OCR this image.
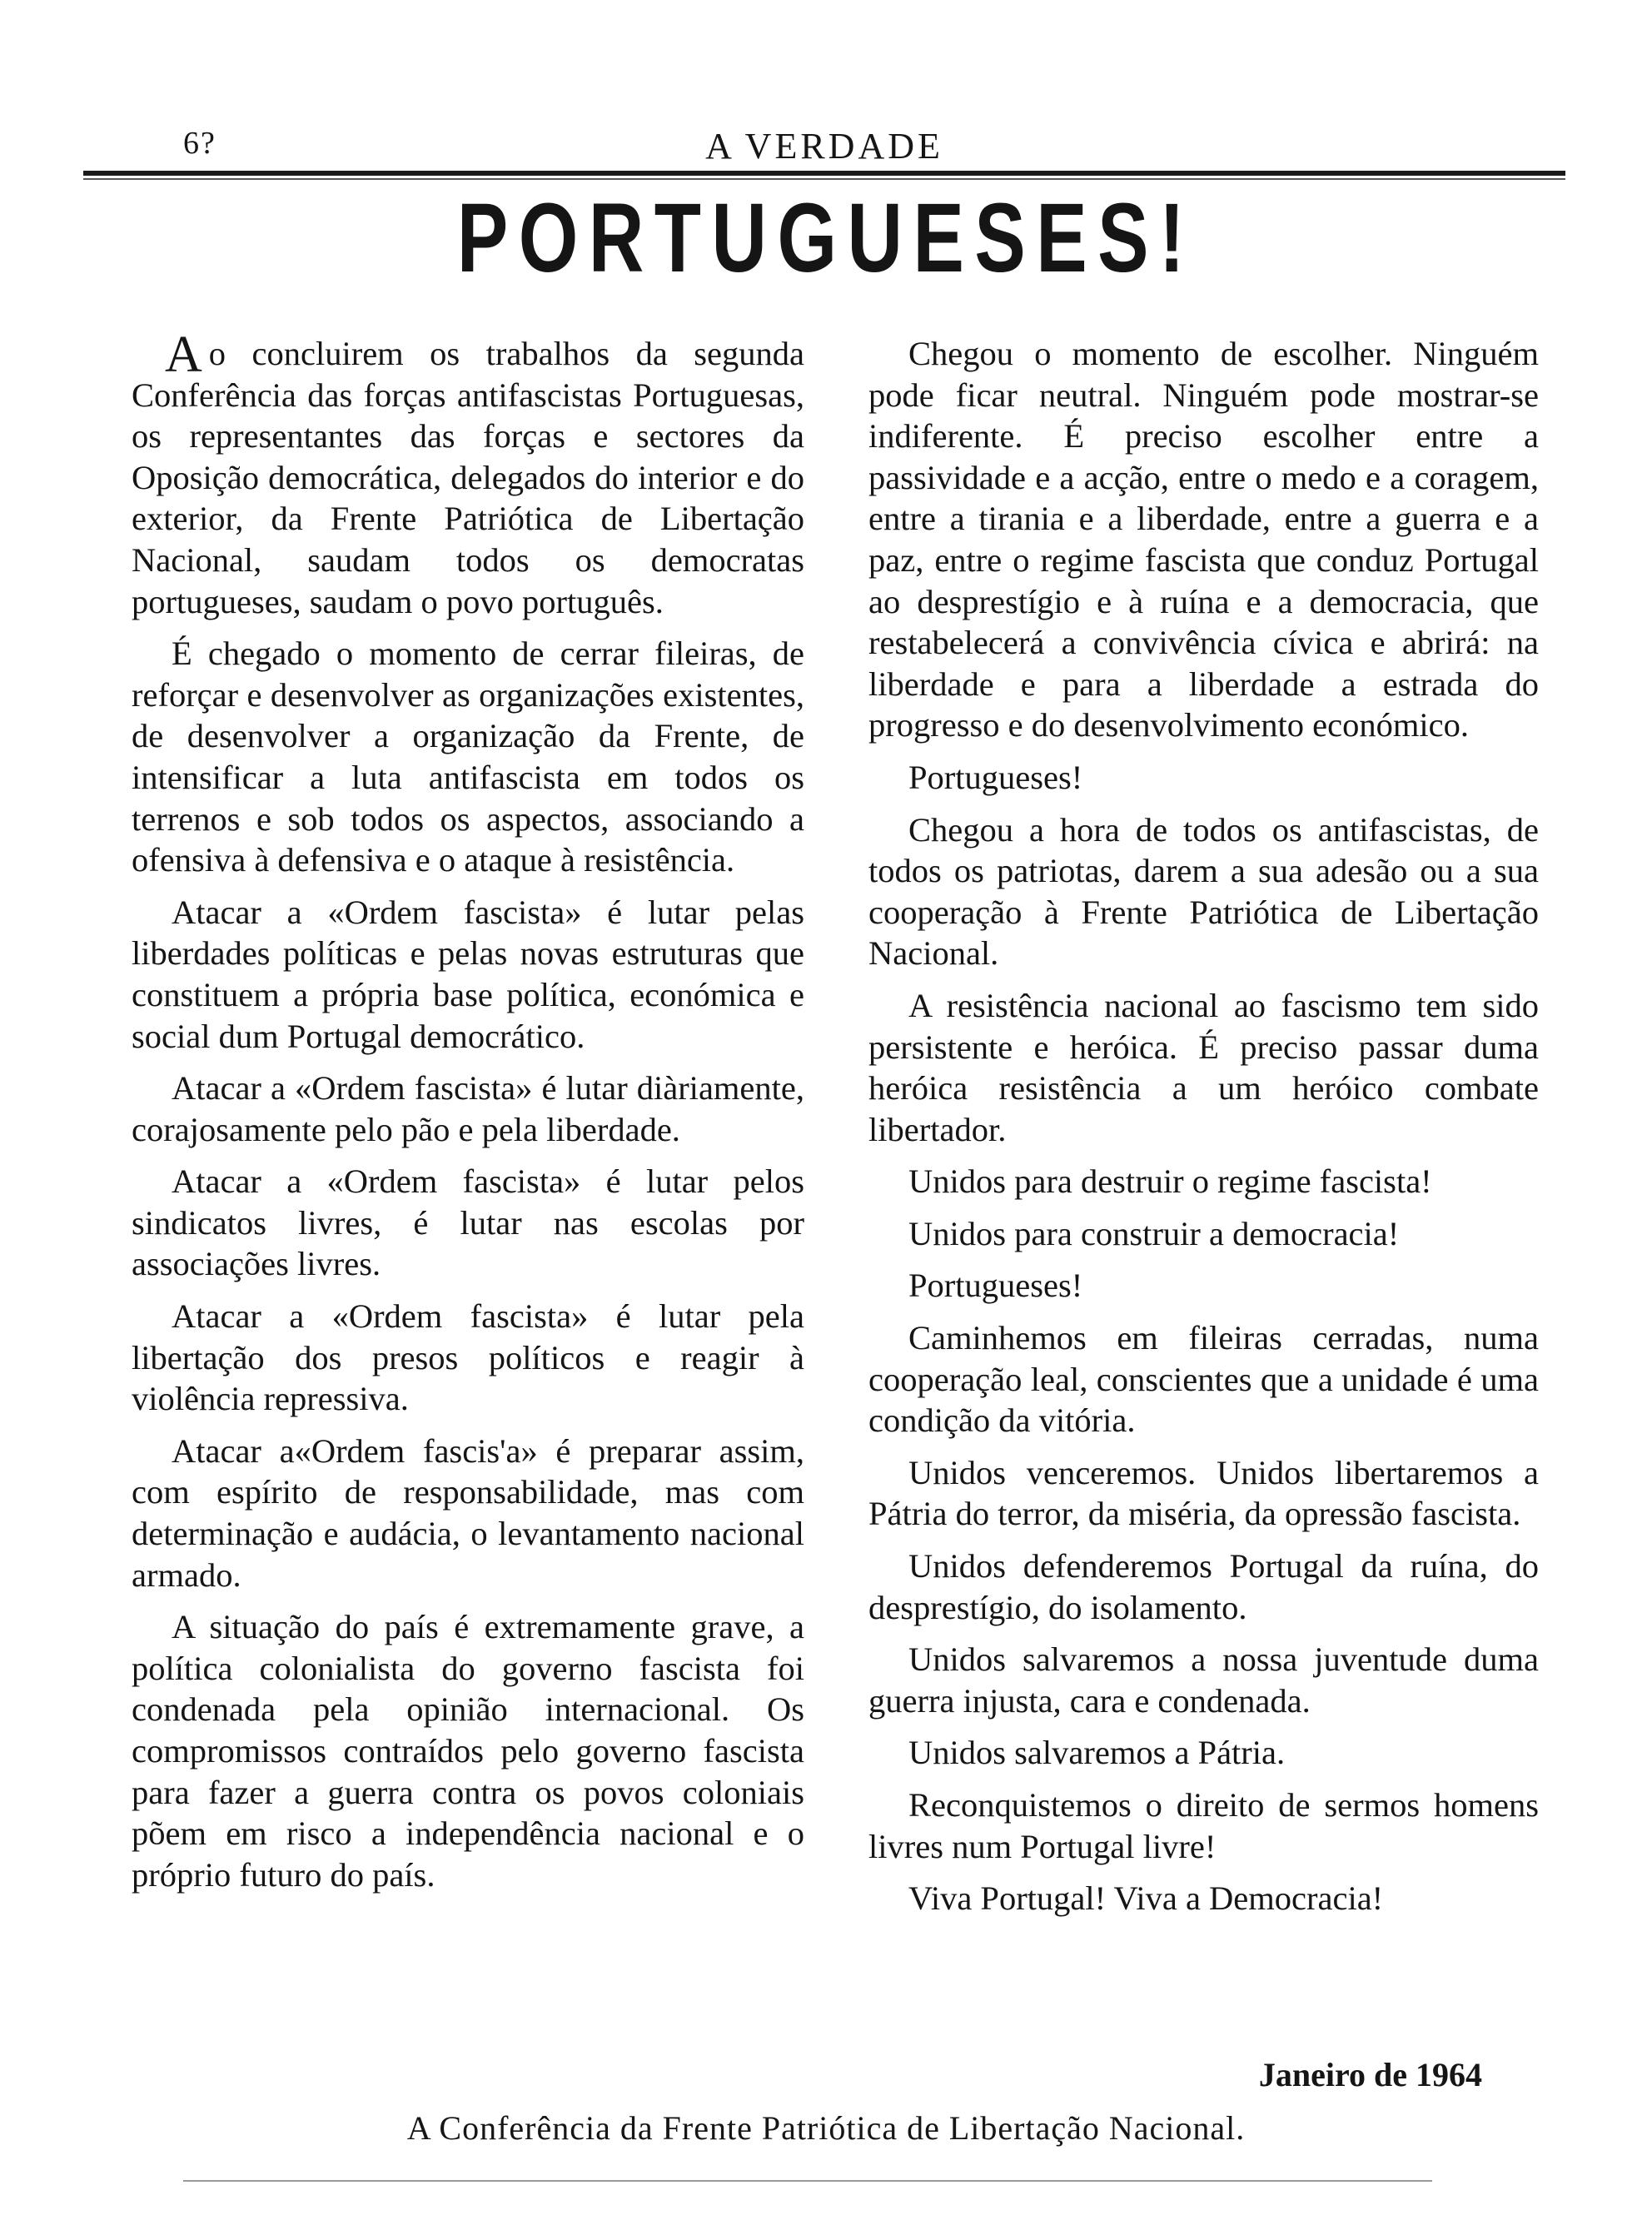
6?	A VERDADE
PORTUGUESES!

Ao concluirem os trabalhos da segunda Conferência das forças antifascistas Portuguesas, os representantes das forças e sectores da Oposição democrática, delegados do interior e do exterior, da Frente Patriótica de Libertação Nacional, saudam todos os democratas portugueses, saudam o povo português.

É chegado o momento de cerrar fileiras, de reforçar e desenvolver as organizações existentes, de desenvolver a organização da Frente, de intensificar a luta antifascista em todos os terrenos e sob todos os aspectos, associando a ofensiva à defensiva e o ataque à resistência.

Atacar a «Ordem fascista» é lutar pelas liberdades políticas e pelas novas estruturas que constituem a própria base política, económica e social dum Portugal democrático.

Atacar a «Ordem fascista» é lutar diàriamente, corajosamente pelo pão e pela liberdade.

Atacar a «Ordem fascista» é lutar pelos sindicatos livres, é lutar nas escolas por associações livres.

Atacar a «Ordem fascista» é lutar pela libertação dos presos políticos e reagir à violência repressiva.

Atacar a«Ordem fascis'a» é preparar assim, com espírito de responsabilidade, mas com determinação e audácia, o levantamento nacional armado.

A situação do país é extremamente grave, a política colonialista do governo fascista foi condenada pela opinião internacional. Os compromissos contraídos pelo governo fascista para fazer a guerra contra os povos coloniais põem em risco a independência nacional e o próprio futuro do país.

Chegou o momento de escolher. Ninguém pode ficar neutral. Ninguém pode mostrar-se indiferente. É preciso escolher entre a passividade e a acção, entre o medo e a coragem, entre a tirania e a liberdade, entre a guerra e a paz, entre o regime fascista que conduz Portugal ao desprestígio e à ruína e a democracia, que restabelecerá a convivência cívica e abrirá: na liberdade e para a liberdade a estrada do progresso e do desenvolvimento económico.

Portugueses!

Chegou a hora de todos os antifascistas, de todos os patriotas, darem a sua adesão ou a sua cooperação à Frente Patriótica de Libertação Nacional.

A resistência nacional ao fascismo tem sido persistente e heróica. É preciso passar duma heróica resistência a um heróico combate libertador.

Unidos para destruir o regime fascista!

Unidos para construir a democracia!

Portugueses!

Caminhemos em fileiras cerradas, numa cooperação leal, conscientes que a unidade é uma condição da vitória.

Unidos venceremos. Unidos libertaremos a Pátria do terror, da miséria, da opressão fascista.

Unidos defenderemos Portugal da ruína, do desprestígio, do isolamento.

Unidos salvaremos a nossa juventude duma guerra injusta, cara e condenada.

Unidos salvaremos a Pátria.

Reconquistemos o direito de sermos homens livres num Portugal livre!

Viva Portugal! Viva a Democracia!

Janeiro de 1964
A Conferência da Frente Patriótica de Libertação Nacional.
